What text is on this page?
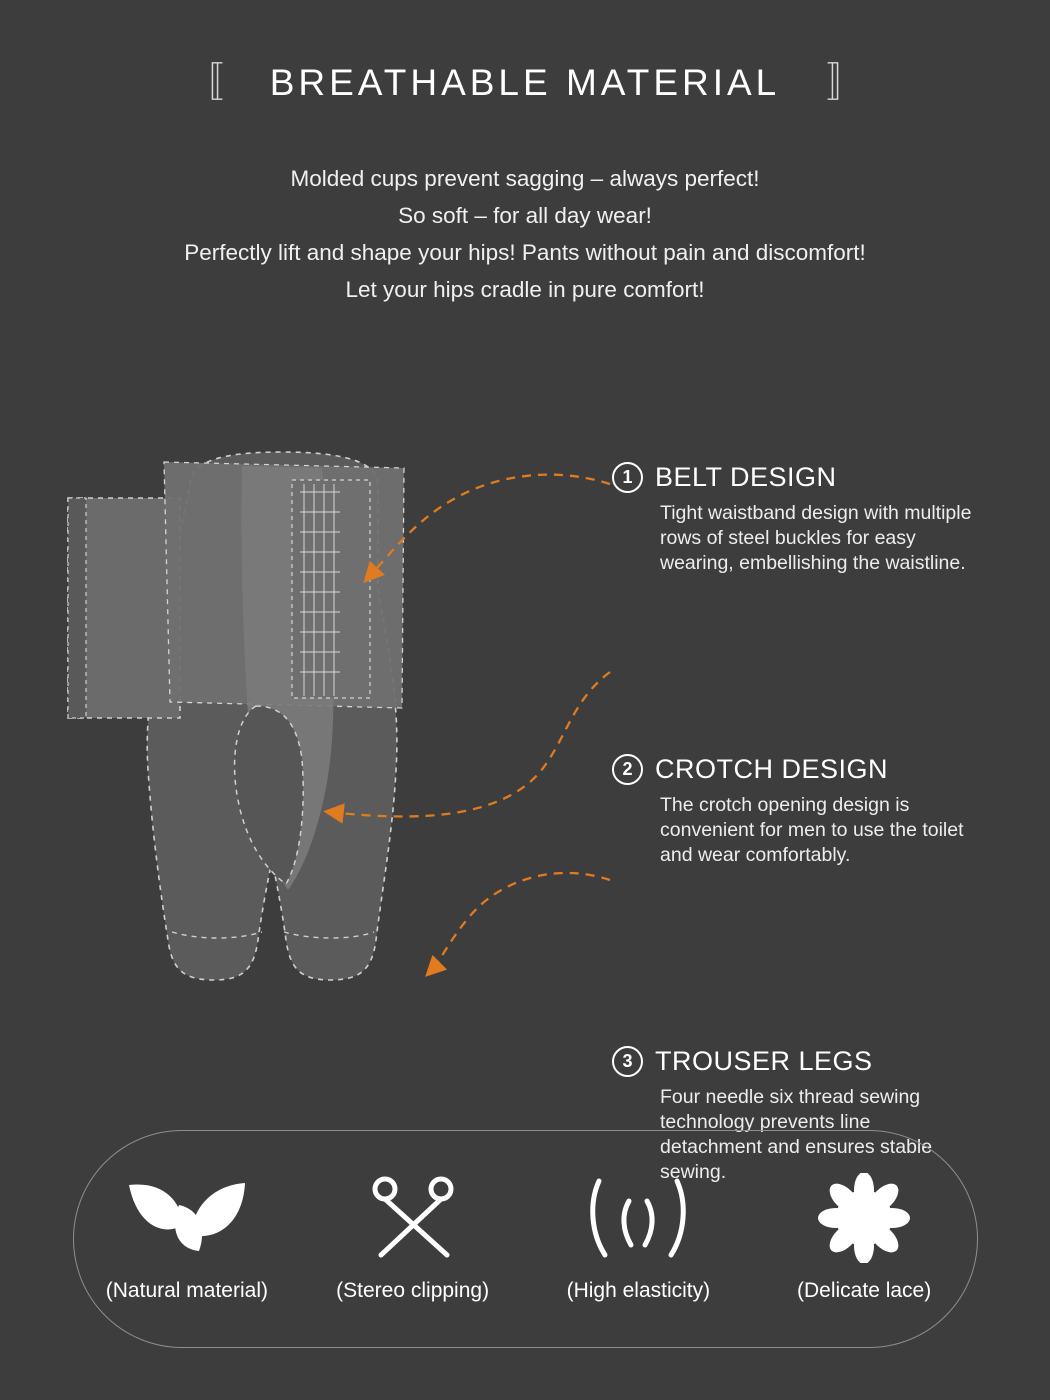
〚 BREATHABLE MATERIAL 〛
Molded cups prevent sagging – always perfect!
So soft – for all day wear!
Perfectly lift and shape your hips! Pants without pain and discomfort!
Let your hips cradle in pure comfort!
1 BELT DESIGN
Tight waistband design with multiple rows of steel buckles for easy wearing, embellishing the waistline.
2 CROTCH DESIGN
The crotch opening design is convenient for men to use the toilet and wear comfortably.
3 TROUSER LEGS
Four needle six thread sewing technology prevents line detachment and ensures stable sewing.
(Natural material)	(Stereo clipping)	(High elasticity)	(Delicate lace)
